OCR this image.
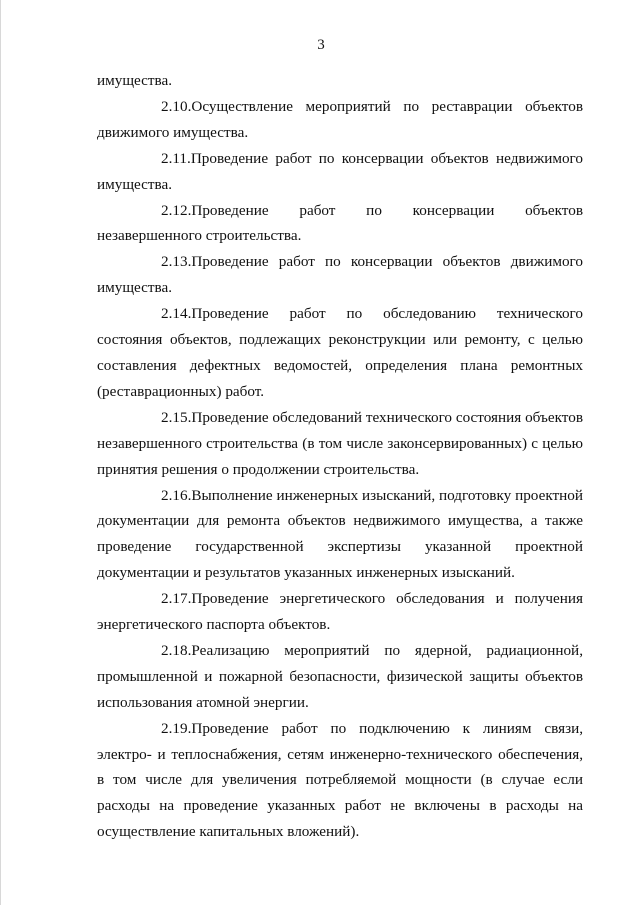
3

имущества.

2.10.Осуществление мероприятий по реставрации объектов движимого имущества.

2.11.Проведение работ по консервации объектов недвижимого имущества.

2.12.Проведение работ по консервации объектов незавершенного строительства.

2.13.Проведение работ по консервации объектов движимого имущества.

2.14.Проведение работ по обследованию технического состояния объектов, подлежащих реконструкции или ремонту, с целью составления дефектных ведомостей, определения плана ремонтных (реставрационных) работ.

2.15.Проведение обследований технического состояния объектов незавершенного строительства (в том числе законсервированных) с целью принятия решения о продолжении строительства.

2.16.Выполнение инженерных изысканий, подготовку проектной документации для ремонта объектов недвижимого имущества, а также проведение государственной экспертизы указанной проектной документации и результатов указанных инженерных изысканий.

2.17.Проведение энергетического обследования и получения энергетического паспорта объектов.

2.18.Реализацию мероприятий по ядерной, радиационной, промышленной и пожарной безопасности, физической защиты объектов использования атомной энергии.

2.19.Проведение работ по подключению к линиям связи, электро- и теплоснабжения, сетям инженерно-технического обеспечения, в том числе для увеличения потребляемой мощности (в случае если расходы на проведение указанных работ не включены в расходы на осуществление капитальных вложений).
